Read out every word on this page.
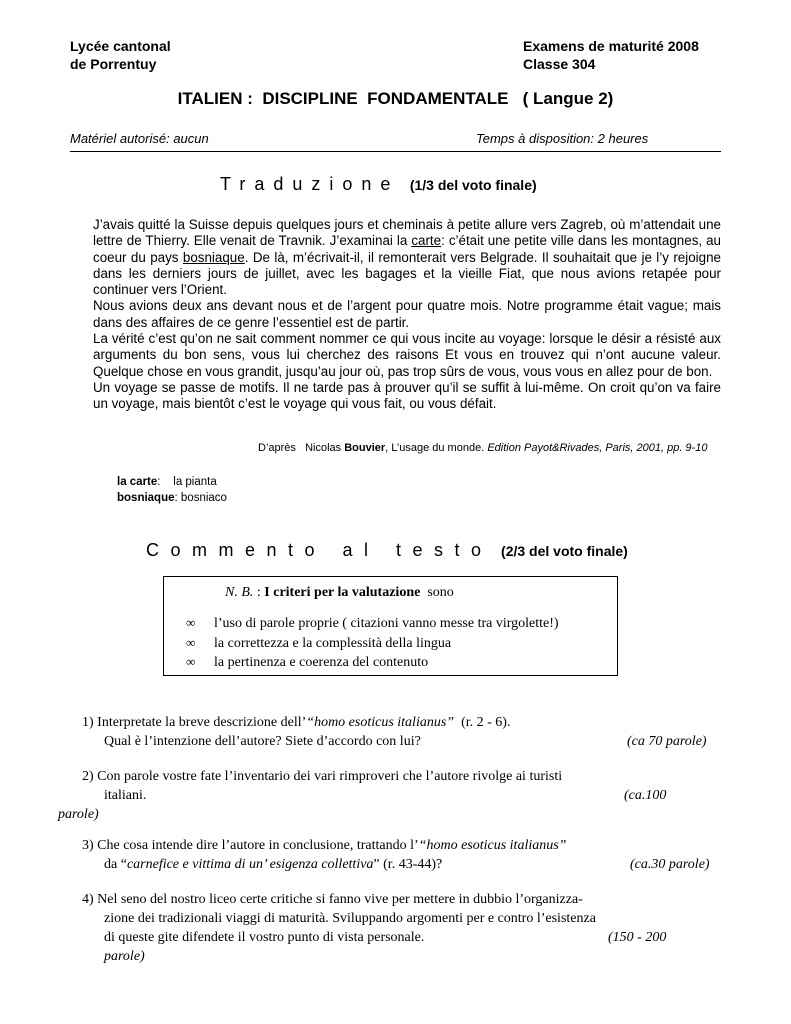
Lycée cantonal
de Porrentuy
Examens de maturité 2008
Classe 304
ITALIEN :  DISCIPLINE  FONDAMENTALE   ( Langue 2)
Matériel autorisé: aucun	Temps à disposition: 2 heures
Traduzione (1/3 del voto finale)

J’avais quitté la Suisse depuis quelques jours et cheminais à petite allure vers Zagreb, où m’attendait une lettre de Thierry. Elle venait de Travnik. J’examinai la carte: c’était une petite ville dans les montagnes, au coeur du pays bosniaque. De là, m’écrivait-il, il remonterait vers Belgrade. Il souhaitait que je l’y rejoigne dans les derniers jours de juillet, avec les bagages et la vieille Fiat, que nous avions retapée pour continuer vers l’Orient.

Nous avions deux ans devant nous et de l’argent pour quatre mois. Notre programme était vague; mais dans des affaires de ce genre l’essentiel est de partir.

La vérité c’est qu’on ne sait comment nommer ce qui vous incite au voyage: lorsque le désir a résisté aux arguments du bon sens, vous lui cherchez des raisons Et vous en trouvez qui n’ont aucune valeur. Quelque chose en vous grandit, jusqu’au jour où, pas trop sûrs de vous, vous vous en allez pour de bon.

Un voyage se passe de motifs. Il ne tarde pas à prouver qu’il se suffit à lui-même. On croit qu’on va faire un voyage, mais bientôt c’est le voyage qui vous fait, ou vous défait.

D’après   Nicolas Bouvier, L’usage du monde. Edition Payot&Rivades, Paris, 2001, pp. 9-10
la carte:    la pianta
bosniaque: bosniaco
Commento al testo (2/3 del voto finale)
N. B. : I criteri per la valutazione  sono
∞ l’uso di parole proprie ( citazioni vanno messe tra virgolette!)
∞ la correttezza e la complessità della lingua
∞ la pertinenza e coerenza del contenuto
1) Interpretate la breve descrizione dell’“homo esoticus italianus”  (r. 2 - 6).
Qual è l’intenzione dell’autore? Siete d’accordo con lui?	(ca 70 parole)
2) Con parole vostre fate l’inventario dei vari rimproveri che l’autore rivolge ai turisti
italiani.	(ca.100
parole)
3) Che cosa intende dire l’autore in conclusione, trattando l’“homo esoticus italianus”
da “carnefice e vittima di un’ esigenza collettiva” (r. 43-44)?	(ca.30 parole)
4) Nel seno del nostro liceo certe critiche si fanno vive per mettere in dubbio l’organizza-
zione dei tradizionali viaggi di maturità. Sviluppando argomenti per e contro l’esistenza
di queste gite difendete il vostro punto di vista personale.	(150 - 200
parole)
